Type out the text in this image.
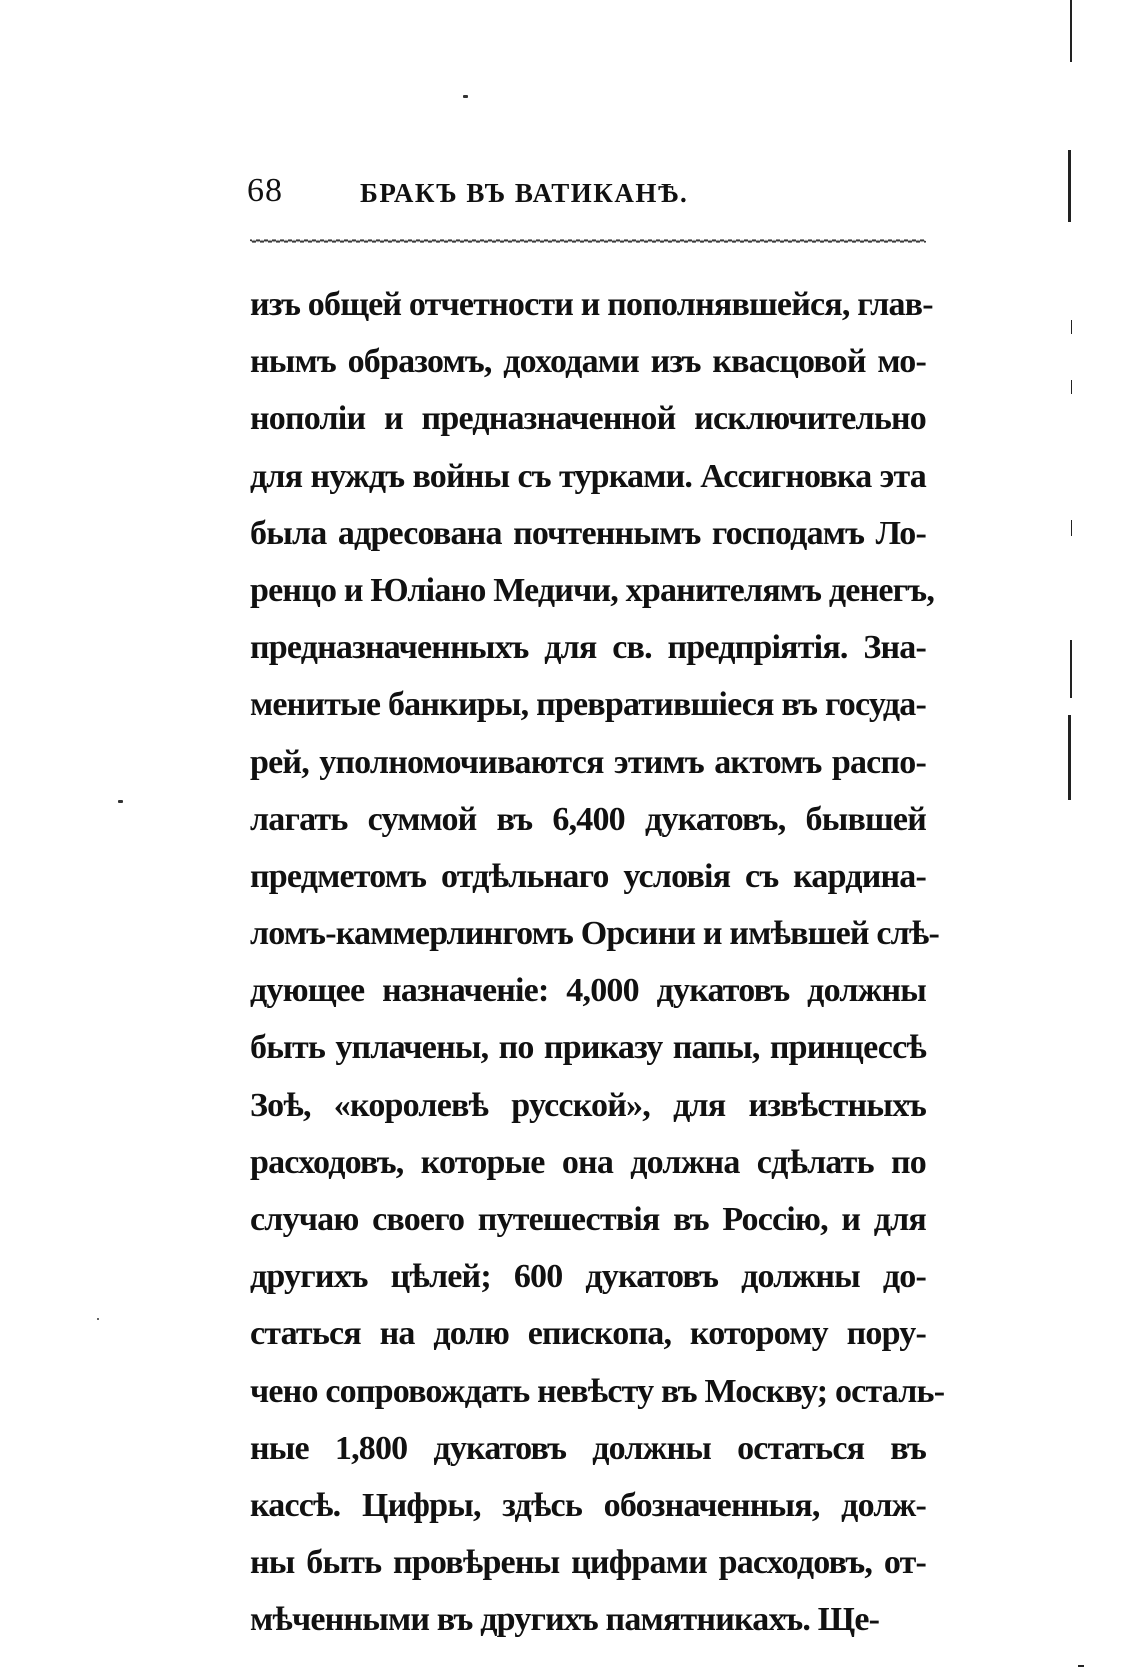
68	БРАКЪ ВЪ ВАТИКАНѢ.
изъ общей отчетности и пополнявшейся, глав-
нымъ образомъ, доходами изъ квасцовой мо-
нополіи и предназначенной исключительно
для нуждъ войны съ турками. Ассигновка эта
была адресована почтеннымъ господамъ Ло-
ренцо и Юліано Медичи, хранителямъ денегъ,
предназначенныхъ для св. предпріятія. Зна-
менитые банкиры, превратившіеся въ госуда-
рей, уполномочиваются этимъ актомъ распо-
лагать суммой въ 6,400 дукатовъ, бывшей
предметомъ отдѣльнаго условія съ кардина-
ломъ-каммерлингомъ Орсини и имѣвшей слѣ-
дующее назначеніе: 4,000 дукатовъ должны
быть уплачены, по приказу папы, принцессѣ
Зоѣ, «королевѣ русской», для извѣстныхъ
расходовъ, которые она должна сдѣлать по
случаю своего путешествія въ Россію, и для
другихъ цѣлей; 600 дукатовъ должны до-
статься на долю епископа, которому пору-
чено сопровождать невѣсту въ Москву; осталь-
ные 1,800 дукатовъ должны остаться въ
кассѣ. Цифры, здѣсь обозначенныя, долж-
ны быть провѣрены цифрами расходовъ, от-
мѣченными въ другихъ памятникахъ. Ще-
